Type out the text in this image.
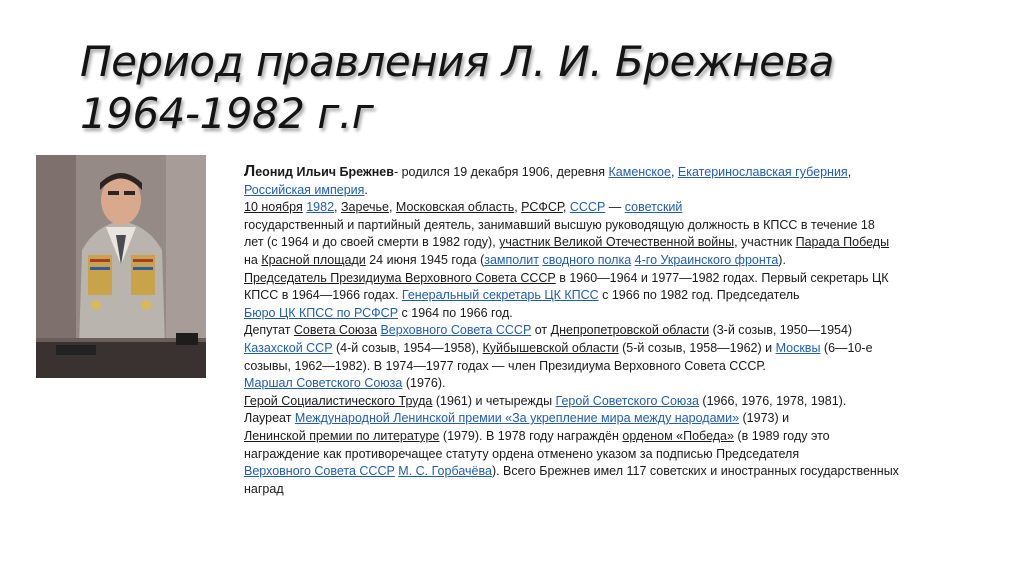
Период правления Л. И. Брежнева 1964-1982 г.г
Леонид Ильич Брежнев- родился 19 декабря 1906, деревня Каменское, Екатеринославская губерния,
Российская империя.
10 ноября 1982, Заречье, Московская область, РСФСР, СССР — советский
государственный и партийный деятель, занимавший высшую руководящую должность в КПСС в течение 18
лет (с 1964 и до своей смерти в 1982 году), участник Великой Отечественной войны, участник Парада Победы
на Красной площади 24 июня 1945 года (замполит сводного полка 4-го Украинского фронта).
Председатель Президиума Верховного Совета СССР в 1960—1964 и 1977—1982 годах. Первый секретарь ЦК
КПСС в 1964—1966 годах. Генеральный секретарь ЦК КПСС с 1966 по 1982 год. Председатель
Бюро ЦК КПСС по РСФСР с 1964 по 1966 год.
Депутат Совета Союза Верховного Совета СССР от Днепропетровской области (3-й созыв, 1950—1954)
Казахской ССР (4-й созыв, 1954—1958), Куйбышевской области (5-й созыв, 1958—1962) и Москвы (6—10-е
созывы, 1962—1982). В 1974—1977 годах — член Президиума Верховного Совета СССР.
Маршал Советского Союза (1976).
Герой Социалистического Труда (1961) и четырежды Герой Советского Союза (1966, 1976, 1978, 1981).
Лауреат Международной Ленинской премии «За укрепление мира между народами» (1973) и
Ленинской премии по литературе (1979). В 1978 году награждён орденом «Победа» (в 1989 году это
награждение как противоречащее статуту ордена отменено указом за подписью Председателя
Верховного Совета СССР М. С. Горбачёва). Всего Брежнев имел 117 советских и иностранных государственных
наград
